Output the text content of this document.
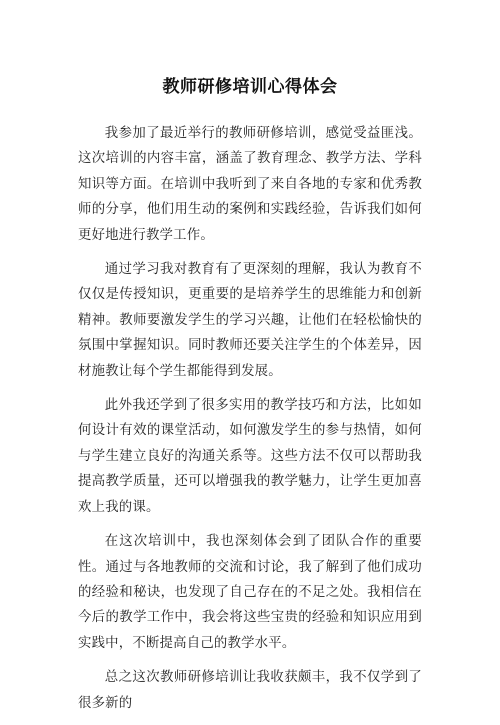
教师研修培训心得体会

我参加了最近举行的教师研修培训，感觉受益匪浅。这次培训的内容丰富，涵盖了教育理念、教学方法、学科知识等方面。在培训中我听到了来自各地的专家和优秀教师的分享，他们用生动的案例和实践经验，告诉我们如何更好地进行教学工作。

通过学习我对教育有了更深刻的理解，我认为教育不仅仅是传授知识，更重要的是培养学生的思维能力和创新精神。教师要激发学生的学习兴趣，让他们在轻松愉快的氛围中掌握知识。同时教师还要关注学生的个体差异，因材施教让每个学生都能得到发展。

此外我还学到了很多实用的教学技巧和方法，比如如何设计有效的课堂活动，如何激发学生的参与热情，如何与学生建立良好的沟通关系等。这些方法不仅可以帮助我提高教学质量，还可以增强我的教学魅力，让学生更加喜欢上我的课。

在这次培训中，我也深刻体会到了团队合作的重要性。通过与各地教师的交流和讨论，我了解到了他们成功的经验和秘诀，也发现了自己存在的不足之处。我相信在今后的教学工作中，我会将这些宝贵的经验和知识应用到实践中，不断提高自己的教学水平。

总之这次教师研修培训让我收获颇丰，我不仅学到了很多新的
